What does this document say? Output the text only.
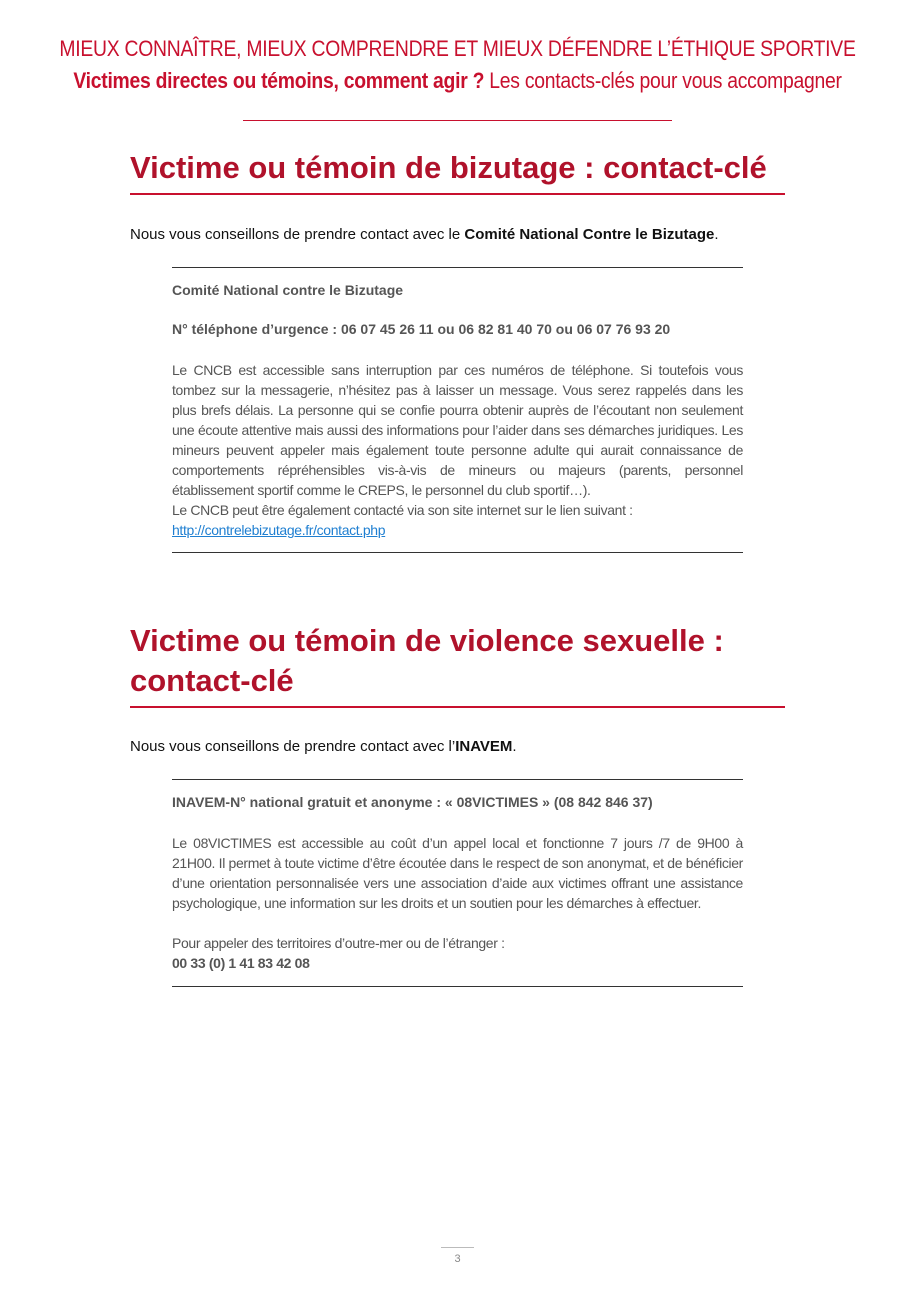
MIEUX CONNAÎTRE, MIEUX COMPRENDRE ET MIEUX DÉFENDRE L’ÉTHIQUE SPORTIVE
Victimes directes ou témoins, comment agir ? Les contacts-clés pour vous accompagner
Victime ou témoin de bizutage : contact-clé
Nous vous conseillons de prendre contact avec le Comité National Contre le Bizutage.
Comité National contre le Bizutage
N° téléphone d’urgence : 06 07 45 26 11 ou 06 82 81 40 70 ou 06 07 76 93 20

Le CNCB est accessible sans interruption par ces numéros de téléphone. Si toutefois vous tombez sur la messagerie, n’hésitez pas à laisser un message. Vous serez rappelés dans les plus brefs délais. La personne qui se confie pourra obtenir auprès de l’écoutant non seulement une écoute attentive mais aussi des informations pour l’aider dans ses démarches juridiques. Les mineurs peuvent appeler mais également toute personne adulte qui aurait connaissance de comportements répréhensibles vis-à-vis de mineurs ou majeurs (parents, personnel établissement sportif comme le CREPS, le personnel du club sportif…).

Le CNCB peut être également contacté via son site internet sur le lien suivant :

http://contrelebizutage.fr/contact.php

Victime ou témoin de violence sexuelle : contact-clé
Nous vous conseillons de prendre contact avec l’INAVEM.
INAVEM-N° national gratuit et anonyme : « 08VICTIMES » (08 842 846 37)

Le 08VICTIMES est accessible au coût d’un appel local et fonctionne 7 jours /7 de 9H00 à 21H00. Il permet à toute victime d’être écoutée dans le respect de son anonymat, et de bénéficier d’une orientation personnalisée vers une association d’aide aux victimes offrant une assistance psychologique, une information sur les droits et un soutien pour les démarches à effectuer.

Pour appeler des territoires d’outre-mer ou de l’étranger :

00 33 (0) 1 41 83 42 08

3
